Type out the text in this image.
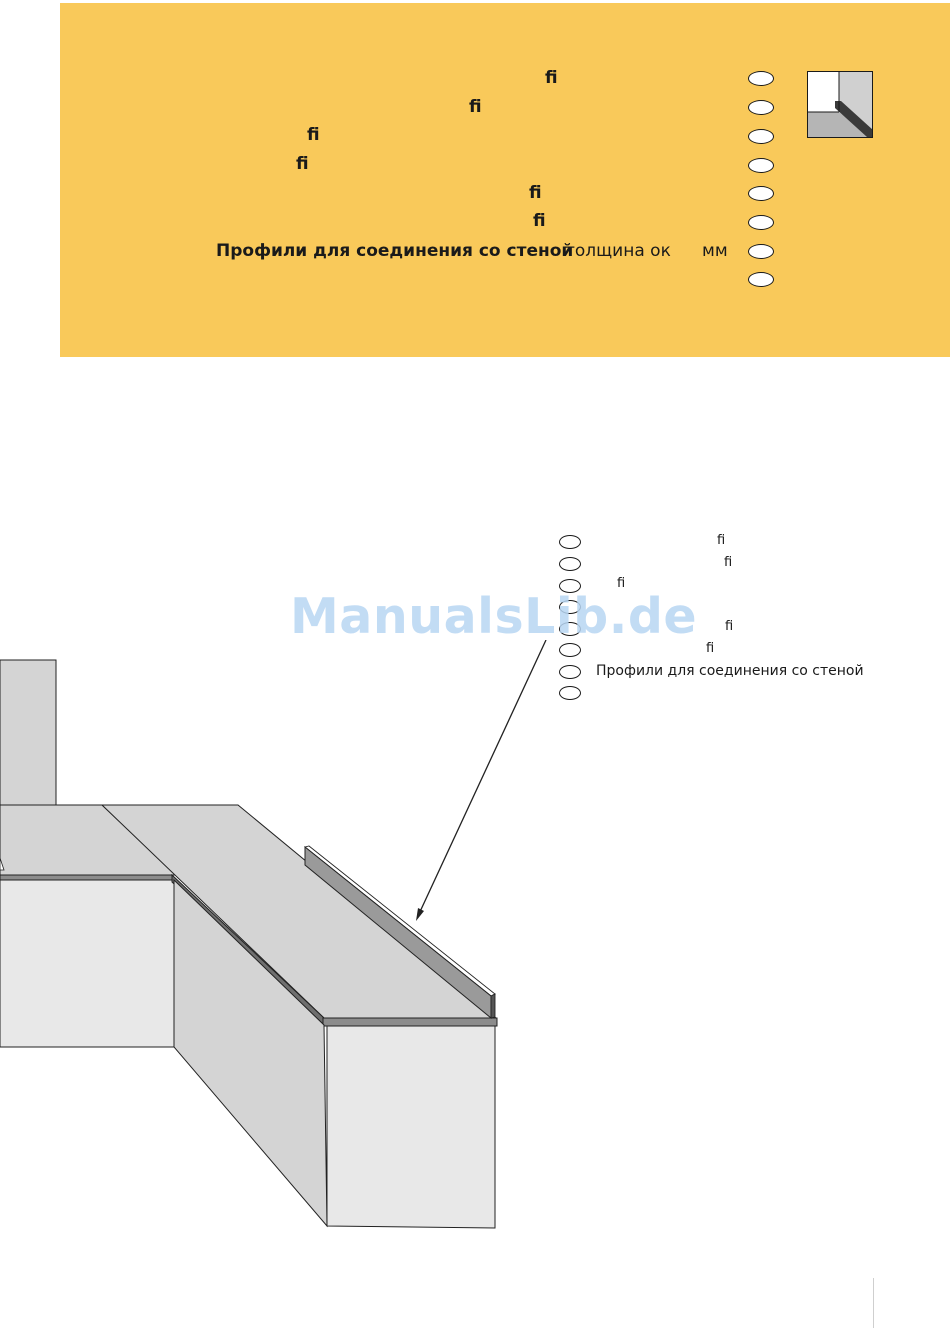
ﬁ
ﬁ
ﬁ
ﬁ
ﬁ
ﬁ
Профили для соединения со стеной
толщина ок мм
ﬁ
ﬁ
ﬁ
ﬁ
ﬁ
Профили для соединения со стеной
ManualsLib.de
